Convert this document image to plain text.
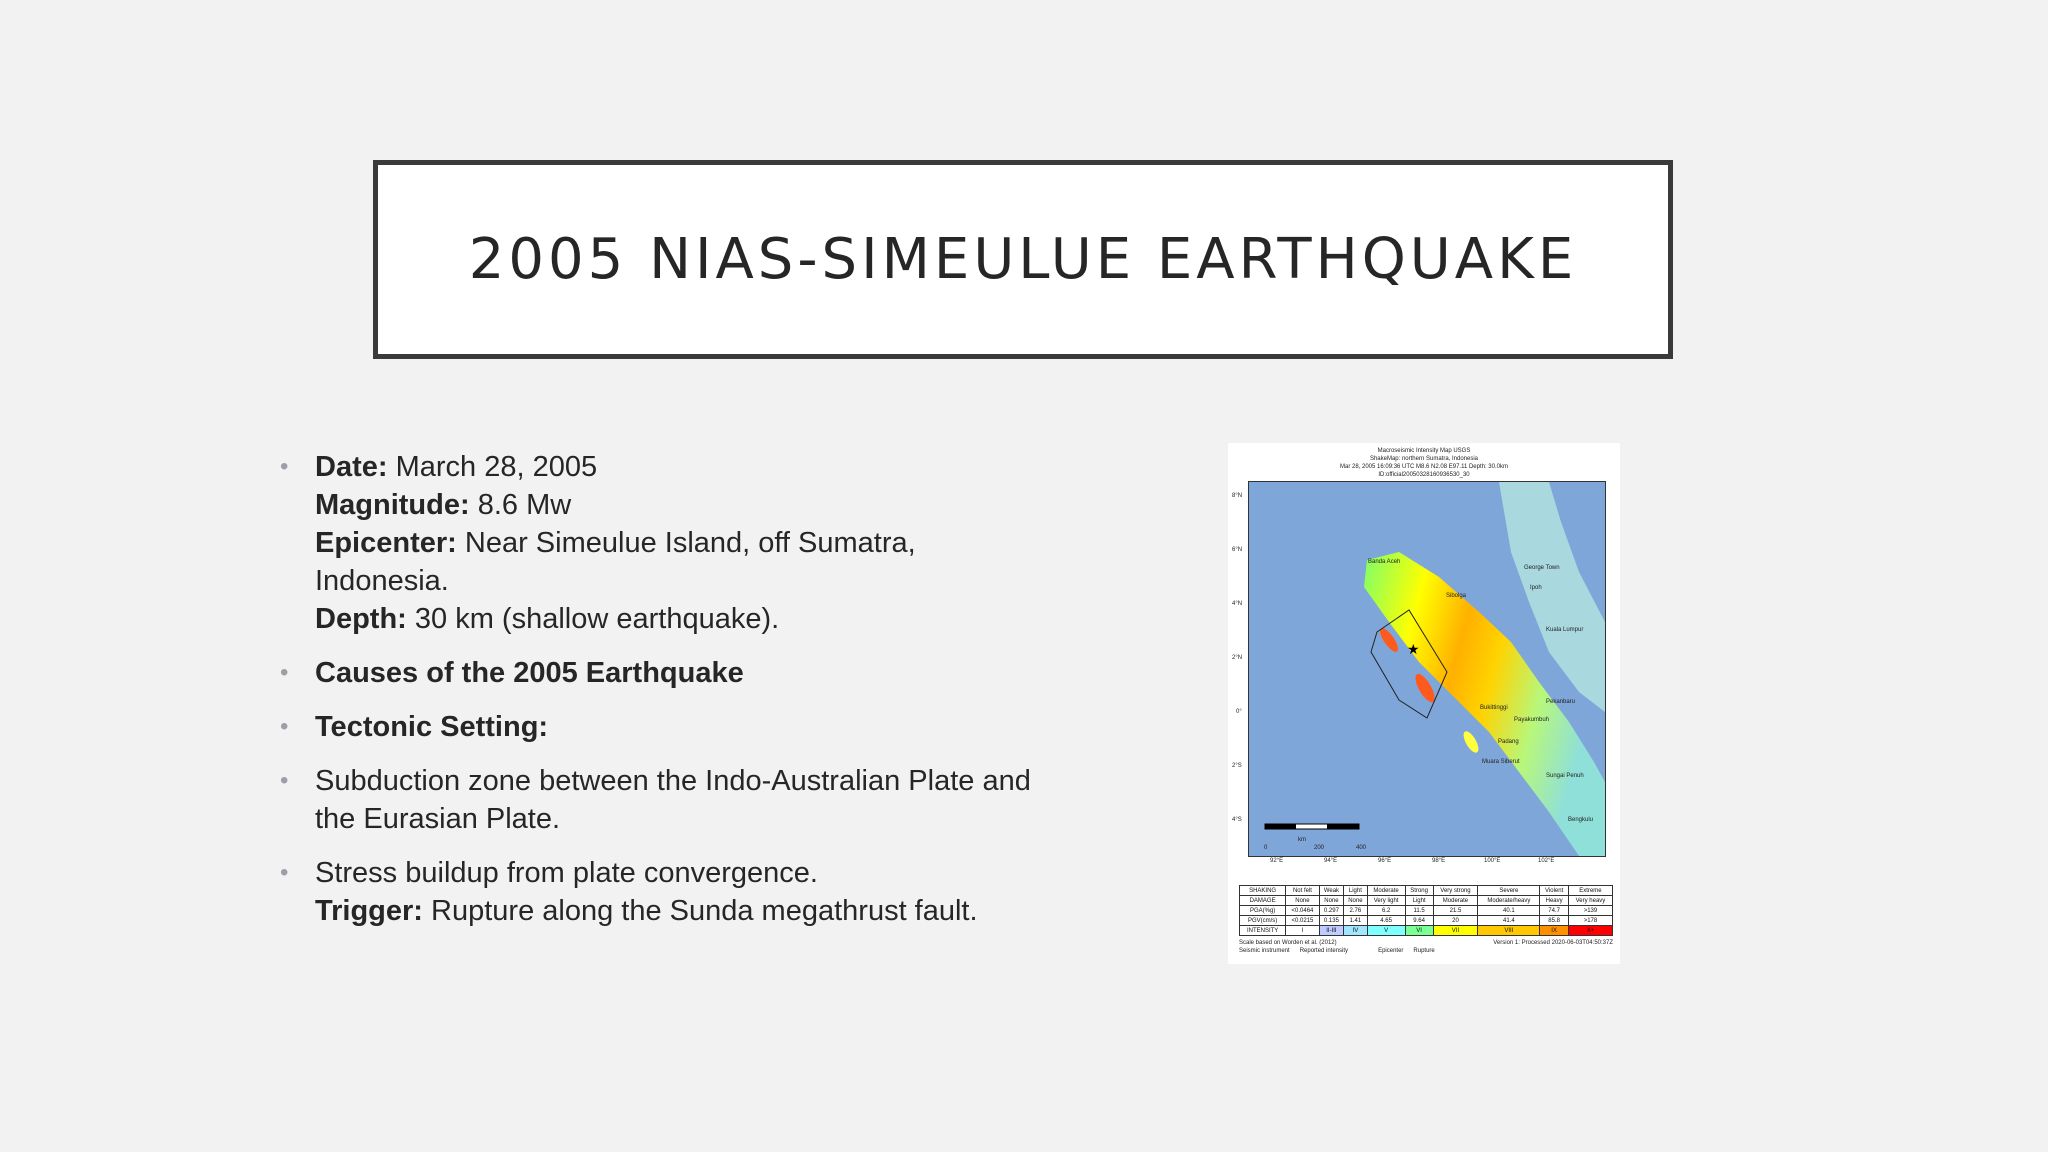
2005 NIAS-SIMEULUE EARTHQUAKE
• Date: March 28, 2005
Magnitude: 8.6 Mw
Epicenter: Near Simeulue Island, off Sumatra, Indonesia.
Depth: 30 km (shallow earthquake).
• Causes of the 2005 Earthquake
• Tectonic Setting:
• Subduction zone between the Indo-Australian Plate and the Eurasian Plate.
• Stress buildup from plate convergence.
Trigger: Rupture along the Sunda megathrust fault.
Macroseismic Intensity Map USGS
ShakeMap: northern Sumatra, Indonesia
Mar 28, 2005 16:09:36 UTC M8.6 N2.08 E97.11 Depth: 30.0km
ID:official20050328160936530_30
★
8°N
6°N
4°N
2°N
0°
2°S
4°S
92°E	94°E	96°E	98°E	100°E	102°E
km
0	200	400
Banda Aceh
George Town
Ipoh
Sibolga
Kuala Lumpur
Bukittinggi
Pekanbaru
Payakumbuh
Padang
Muara Siberut
Sungai Penuh
Bengkulu
SHAKING	Not felt	Weak	Light	Moderate	Strong	Very strong	Severe	Violent	Extreme
DAMAGE	None	None	None	Very light	Light	Moderate	Moderate/heavy	Heavy	Very heavy
PGA(%g)	<0.0464	0.297	2.76	6.2	11.5	21.5	40.1	74.7	>139
PGV(cm/s)	<0.0215	0.135	1.41	4.65	9.64	20	41.4	85.8	>178
INTENSITY	I	II-III	IV	V	VI	VII	VIII	IX	X+
Scale based on Worden et al. (2012)	Version 1: Processed 2020-06-03T04:50:37Z
Seismic instrument Reported intensity	Epicenter Rupture
